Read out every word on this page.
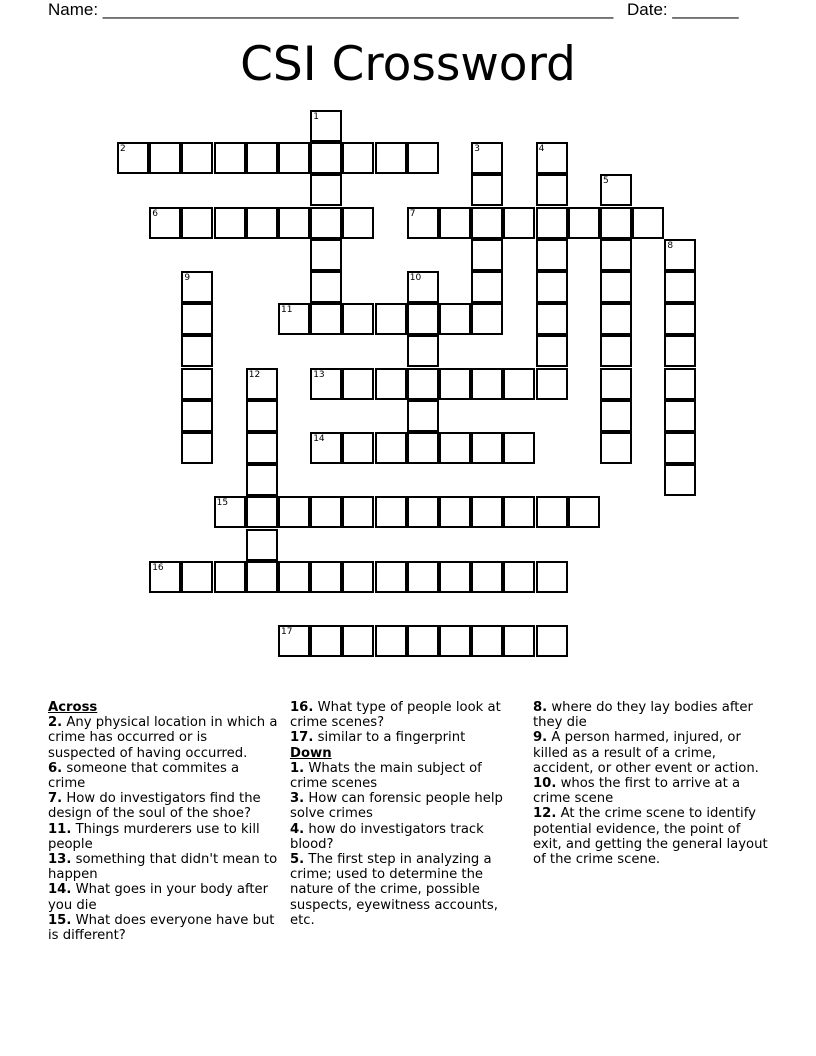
Name: ______________________________________________________ Date: _______
CSI Crossword
1
2	3	4
5
6	7
8
9	10
11
12	13
14
15
16
17
Across
2. Any physical location in which a crime has occurred or is suspected of having occurred.
6. someone that commites a crime
7. How do investigators find the design of the soul of the shoe?
11. Things murderers use to kill people
13. something that didn't mean to happen
14. What goes in your body after you die
15. What does everyone have but is different?
16. What type of people look at crime scenes?
17. similar to a fingerprint
Down
1. Whats the main subject of crime scenes
3. How can forensic people help solve crimes
4. how do investigators track blood?
5. The first step in analyzing a crime; used to determine the nature of the crime, possible suspects, eyewitness accounts, etc.
8. where do they lay bodies after they die
9. A person harmed, injured, or killed as a result of a crime, accident, or other event or action.
10. whos the first to arrive at a crime scene
12. At the crime scene to identify potential evidence, the point of exit, and getting the general layout of the crime scene.
